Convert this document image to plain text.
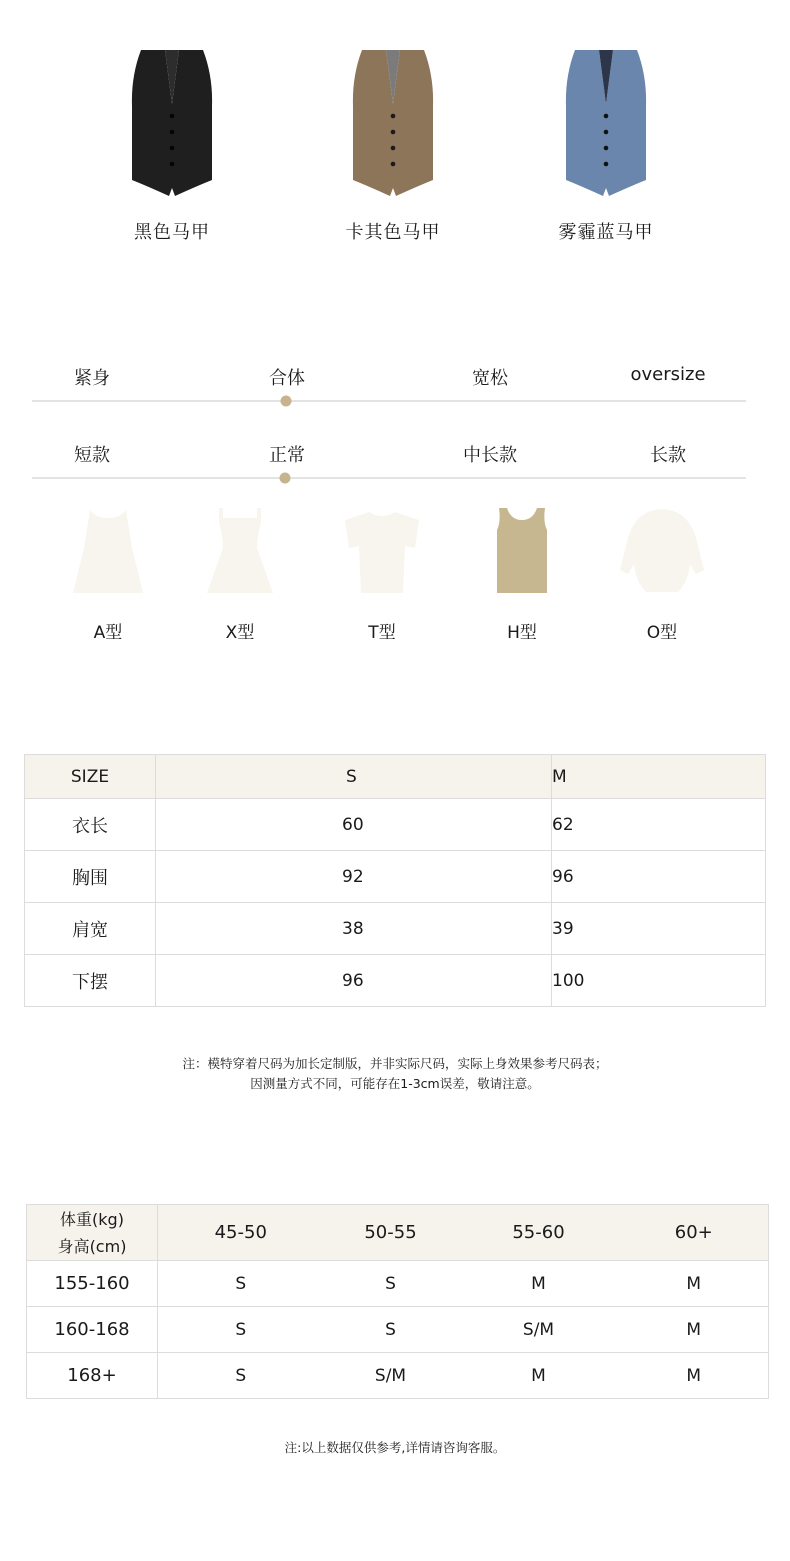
黑色马甲	卡其色马甲	雾霾蓝马甲
紧身	合体	宽松	oversize
短款	正常	中长款	长款
A型	X型	T型	H型	O型
SIZE	S	M
衣长	60	62
胸围	92	96
肩宽	38	39
下摆	96	100
注：模特穿着尺码为加长定制版，并非实际尺码，实际上身效果参考尺码表；
因测量方式不同，可能存在1-3cm误差，敬请注意。
体重(kg)
身高(cm)	45-50	50-55	55-60	60+
155-160	S	S	M	M
160-168	S	S	S/M	M
168+	S	S/M	M	M
注:以上数据仅供参考,详情请咨询客服。
